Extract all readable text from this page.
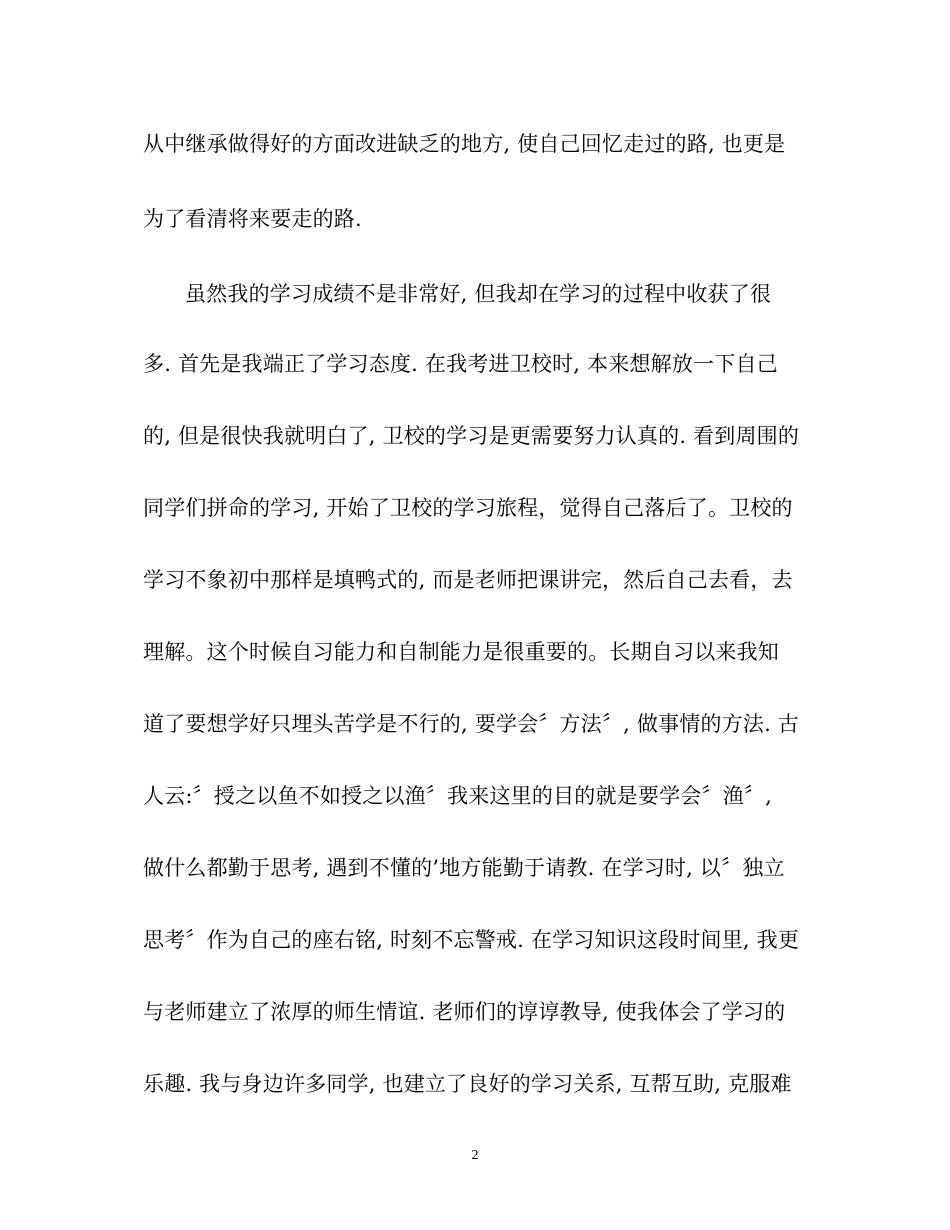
从中继承做得好的方面改进缺乏的地方, 使自己回忆走过的路, 也更是
为了看清将来要走的路.
虽然我的学习成绩不是非常好, 但我却在学习的过程中收获了很
多. 首先是我端正了学习态度. 在我考进卫校时, 本来想解放一下自己
的, 但是很快我就明白了, 卫校的学习是更需要努力认真的. 看到周围的
同学们拼命的学习, 开始了卫校的学习旅程，觉得自己落后了。卫校的
学习不象初中那样是填鸭式的, 而是老师把课讲完，然后自己去看，去
理解。这个时候自习能力和自制能力是很重要的。长期自习以来我知
道了要想学好只埋头苦学是不行的, 要学会〞方法〞, 做事情的方法. 古
人云:〞授之以鱼不如授之以渔〞我来这里的目的就是要学会〞渔〞,
做什么都勤于思考, 遇到不懂的’地方能勤于请教. 在学习时, 以〞独立
思考〞作为自己的座右铭, 时刻不忘警戒. 在学习知识这段时间里, 我更
与老师建立了浓厚的师生情谊. 老师们的谆谆教导, 使我体会了学习的
乐趣. 我与身边许多同学, 也建立了良好的学习关系, 互帮互助, 克服难
2
